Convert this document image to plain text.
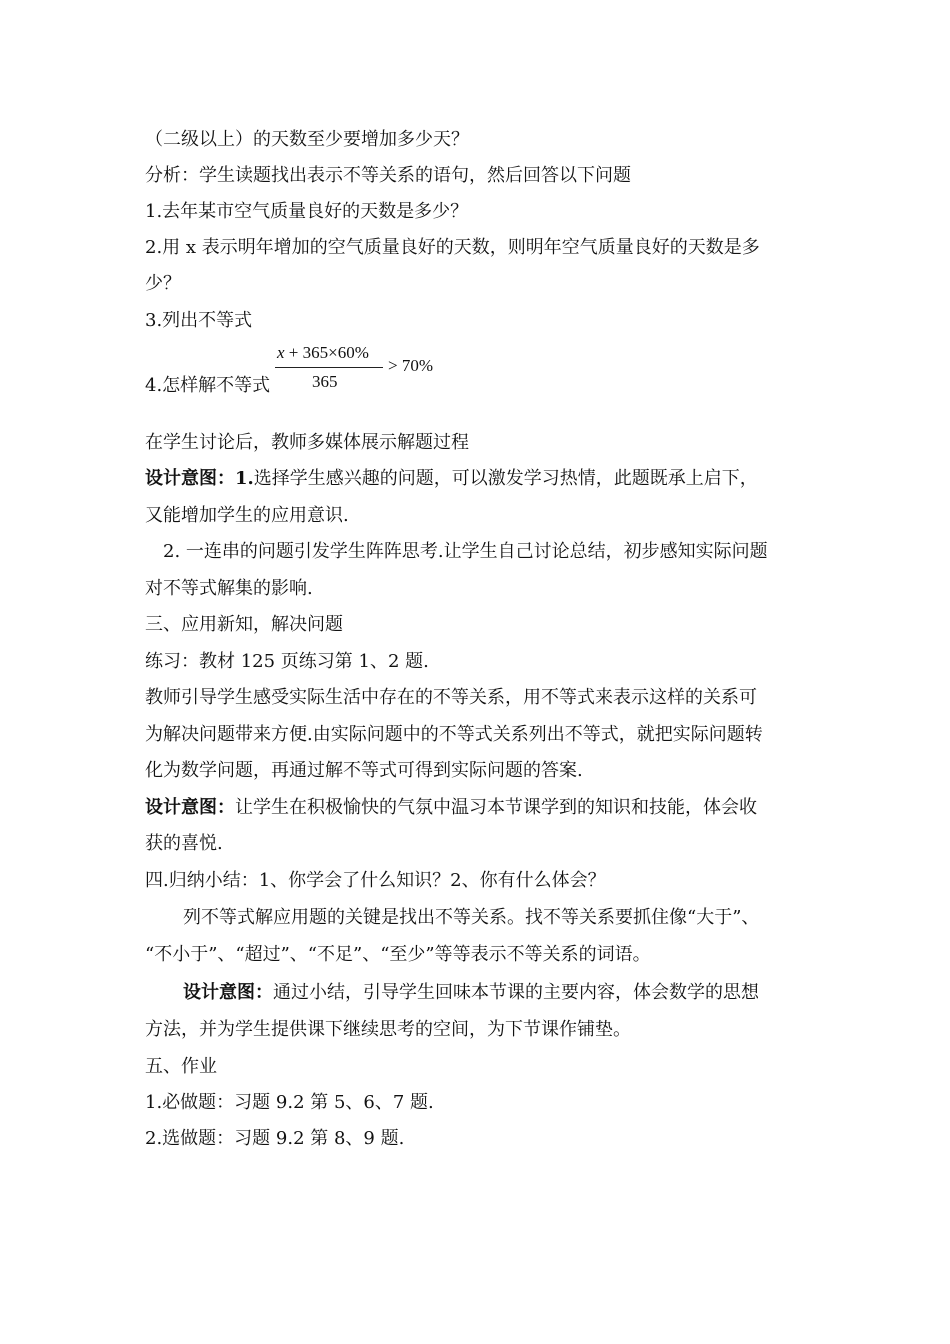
（二级以上）的天数至少要增加多少天？
分析：学生读题找出表示不等关系的语句，然后回答以下问题
1.去年某市空气质量良好的天数是多少？
2.用 x 表示明年增加的空气质量良好的天数，则明年空气质量良好的天数是多
少？
3.列出不等式
4.怎样解不等式
x + 365×60%
365
> 70%
在学生讨论后，教师多媒体展示解题过程
设计意图：1.选择学生感兴趣的问题，可以激发学习热情，此题既承上启下，
又能增加学生的应用意识.
2. 一连串的问题引发学生阵阵思考.让学生自己讨论总结，初步感知实际问题
对不等式解集的影响.
三、应用新知，解决问题
练习：教材 125 页练习第 1、2 题.
教师引导学生感受实际生活中存在的不等关系，用不等式来表示这样的关系可
为解决问题带来方便.由实际问题中的不等式关系列出不等式，就把实际问题转
化为数学问题，再通过解不等式可得到实际问题的答案.
设计意图：让学生在积极愉快的气氛中温习本节课学到的知识和技能，体会收
获的喜悦.
四.归纳小结：1、你学会了什么知识？2、你有什么体会？
列不等式解应用题的关键是找出不等关系。找不等关系要抓住像“大于”、
“不小于”、“超过”、“不足”、“至少”等等表示不等关系的词语。
设计意图：通过小结，引导学生回味本节课的主要内容，体会数学的思想
方法，并为学生提供课下继续思考的空间，为下节课作铺垫。
五、作业
1.必做题：习题 9.2 第 5、6、7 题.
2.选做题：习题 9.2 第 8、9 题.
